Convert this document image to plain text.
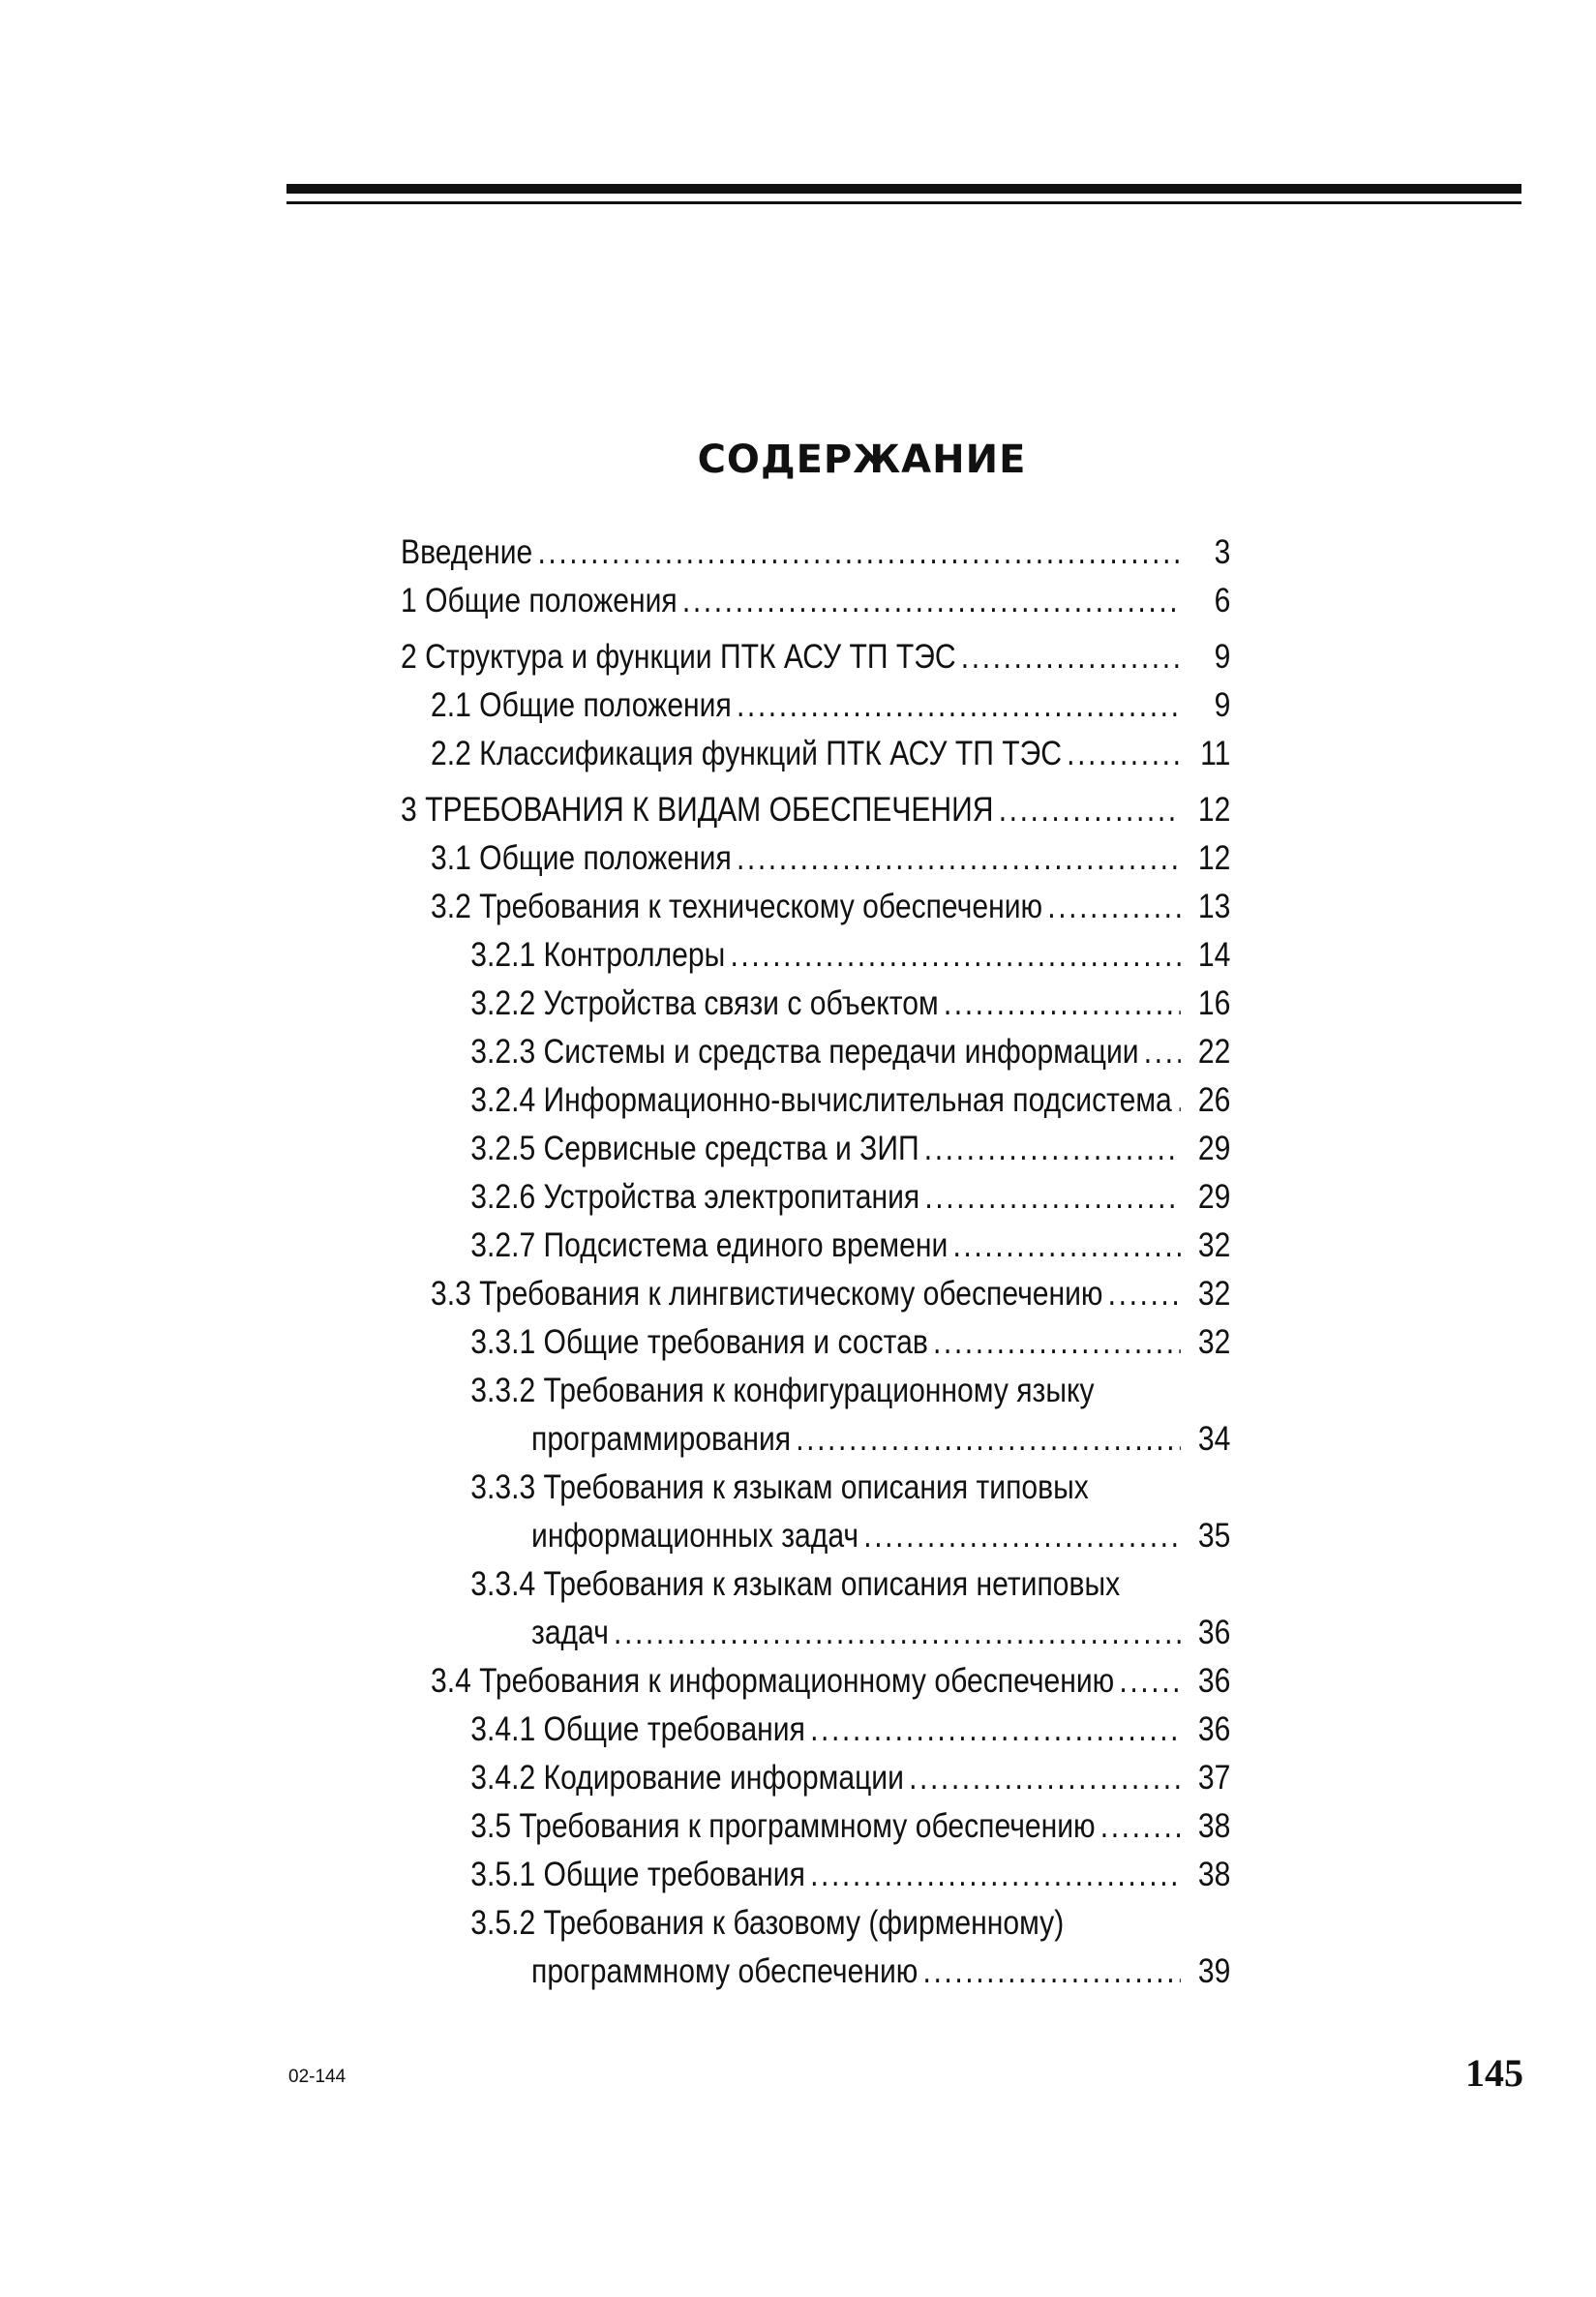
СОДЕРЖАНИЕ
Введение .....	3
1 Общие положения .....	6
2 Структура и функции ПТК АСУ ТП ТЭС .....	9
2.1 Общие положения .....	9
2.2 Классификация функций ПТК АСУ ТП ТЭС .....	11
3 ТРЕБОВАНИЯ К ВИДАМ ОБЕСПЕЧЕНИЯ .....	12
3.1 Общие положения .....	12
3.2 Требования к техническому обеспечению .....	13
3.2.1 Контроллеры .....	14
3.2.2 Устройства связи с объектом .....	16
3.2.3 Системы и средства передачи информации .....	22
3.2.4 Информационно-вычислительная подсистема ..... 26
3.2.5 Сервисные средства и ЗИП .....	29
3.2.6 Устройства электропитания .....	29
3.2.7 Подсистема единого времени .....	32
3.3 Требования к лингвистическому обеспечению .....	32
3.3.1 Общие требования и состав .....	32
3.3.2 Требования к конфигурационному языку
программирования .....	34
3.3.3 Требования к языкам описания типовых
информационных задач .....	35
3.3.4 Требования к языкам описания нетиповых
задач .....	36
3.4 Требования к информационному обеспечению .....	36
3.4.1 Общие требования .....	36
3.4.2 Кодирование информации .....	37
3.5 Требования к программному обеспечению .....	38
3.5.1 Общие требования .....	38
3.5.2 Требования к базовому (фирменному)
программному обеспечению .....	39
02-144	145
